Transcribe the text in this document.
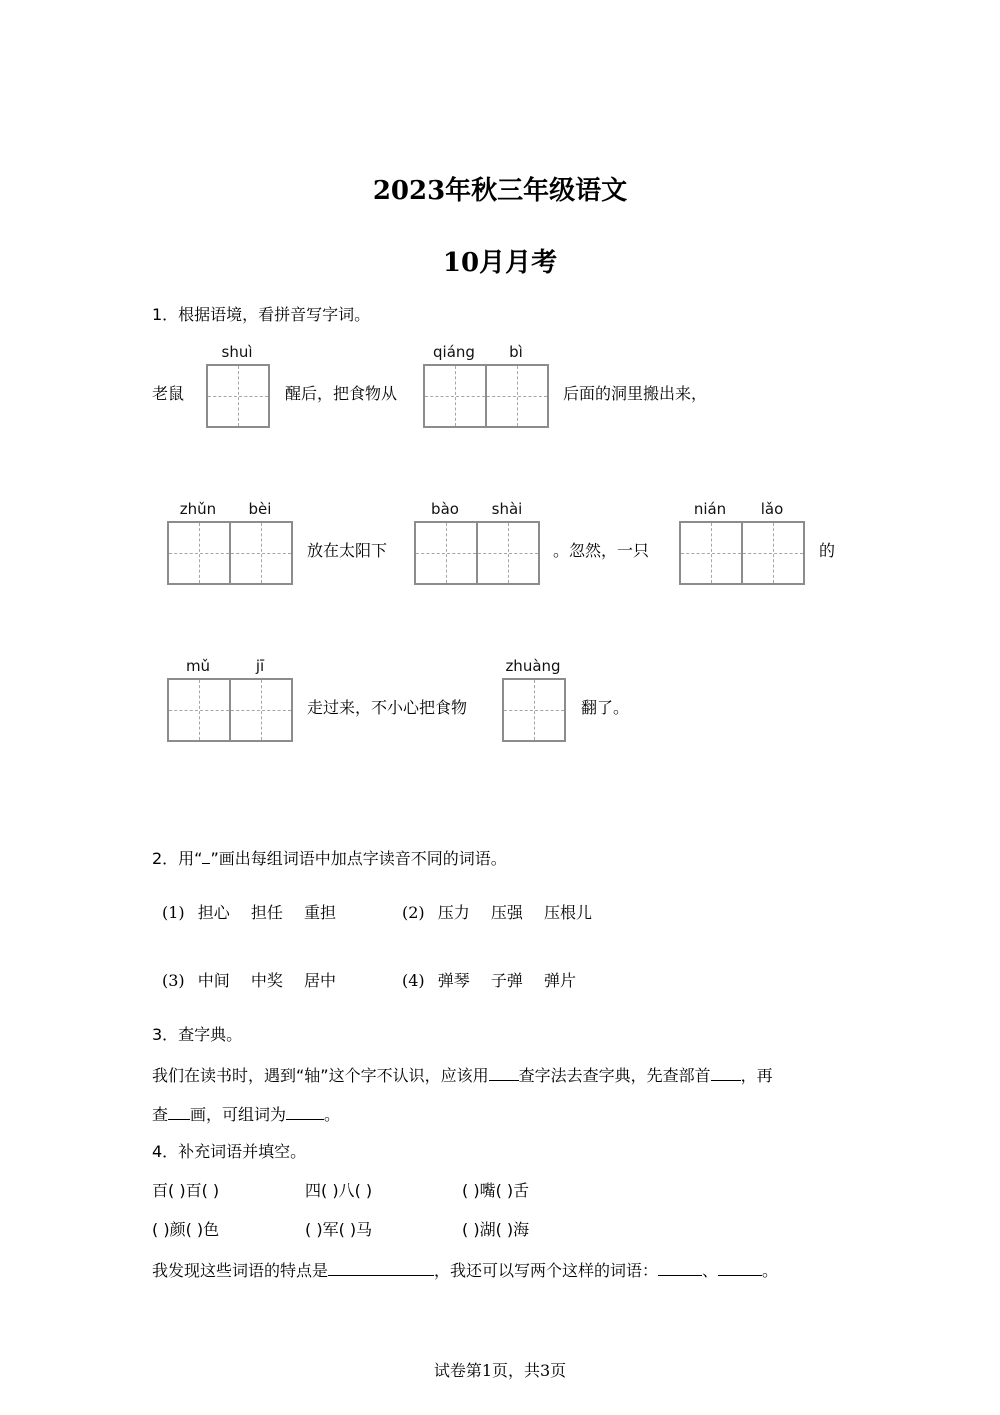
2023年秋三年级语文
10月月考
1．根据语境，看拼音写字词。
老鼠
shuì
醒后，把食物从
qiáng	bì
后面的洞里搬出来，
zhǔn	bèi
放在太阳下
bào	shài
。忽然，一只
nián	lǎo
的
mǔ	jī
走过来，不小心把食物
zhuàng
翻了。
2．用“ ”画出每组词语中加点字读音不同的词语。
(1) 担心 担任 重担	(2) 压力 压强 压根儿
(3) 中间 中奖 居中	(4) 弹琴 子弹 弹片
3．查字典。
我们在读书时，遇到“轴”这个字不认识，应该用 查字法去查字典，先查部首 ，再
查 画，可组词为 。
4．补充词语并填空。
百( )百( )	四( )八( )	( )嘴( )舌
( )颜( )色	( )军( )马	( )湖( )海
我发现这些词语的特点是	，我还可以写两个这样的词语：	、	。
试卷第1页，共3页
